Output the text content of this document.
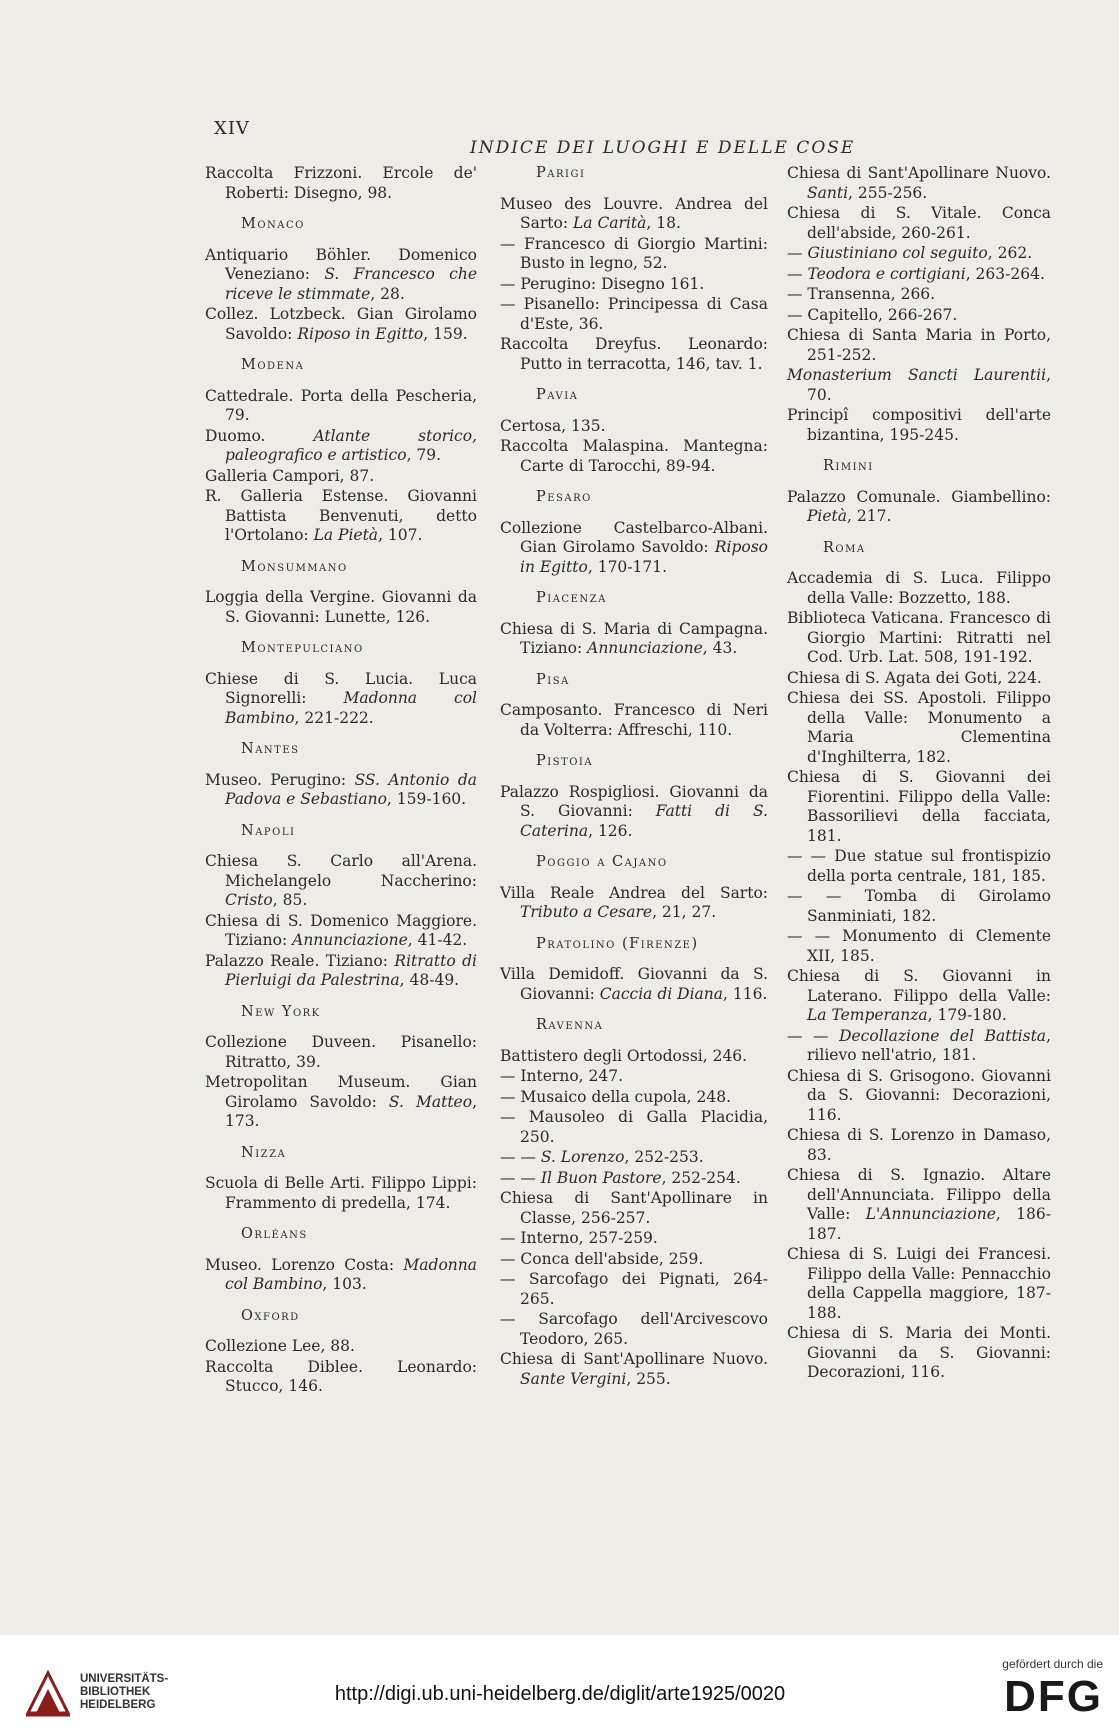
XIV
INDICE DEI LUOGHI E DELLE COSE
Raccolta Frizzoni. Ercole de' Roberti: Disegno, 98.
Monaco
Antiquario Böhler. Domenico Veneziano: S. Francesco che riceve le stimmate, 28.
Collez. Lotzbeck. Gian Girolamo Savoldo: Riposo in Egitto, 159.
Modena
Cattedrale. Porta della Pescheria, 79.
Duomo. Atlante storico, paleografico e artistico, 79.
Galleria Campori, 87.
R. Galleria Estense. Giovanni Battista Benvenuti, detto l'Ortolano: La Pietà, 107.
Monsummano
Loggia della Vergine. Giovanni da S. Giovanni: Lunette, 126.
Montepulciano
Chiese di S. Lucia. Luca Signorelli: Madonna col Bambino, 221-222.
Nantes
Museo. Perugino: SS. Antonio da Padova e Sebastiano, 159-160.
Napoli
Chiesa S. Carlo all'Arena. Michelangelo Naccherino: Cristo, 85.
Chiesa di S. Domenico Maggiore. Tiziano: Annunciazione, 41-42.
Palazzo Reale. Tiziano: Ritratto di Pierluigi da Palestrina, 48-49.
New York
Collezione Duveen. Pisanello: Ritratto, 39.
Metropolitan Museum. Gian Girolamo Savoldo: S. Matteo, 173.
Nizza
Scuola di Belle Arti. Filippo Lippi: Frammento di predella, 174.
Orléans
Museo. Lorenzo Costa: Madonna col Bambino, 103.
Oxford
Collezione Lee, 88.
Raccolta Diblee. Leonardo: Stucco, 146.
Parigi
Museo des Louvre. Andrea del Sarto: La Carità, 18.
— Francesco di Giorgio Martini: Busto in legno, 52.
— Perugino: Disegno 161.
— Pisanello: Principessa di Casa d'Este, 36.
Raccolta Dreyfus. Leonardo: Putto in terracotta, 146, tav. 1.
Pavia
Certosa, 135.
Raccolta Malaspina. Mantegna: Carte di Tarocchi, 89-94.
Pesaro
Collezione Castelbarco-Albani. Gian Girolamo Savoldo: Riposo in Egitto, 170-171.
Piacenza
Chiesa di S. Maria di Campagna. Tiziano: Annunciazione, 43.
Pisa
Camposanto. Francesco di Neri da Volterra: Affreschi, 110.
Pistoia
Palazzo Rospigliosi. Giovanni da S. Giovanni: Fatti di S. Caterina, 126.
Poggio a Cajano
Villa Reale Andrea del Sarto: Tributo a Cesare, 21, 27.
Pratolino (Firenze)
Villa Demidoff. Giovanni da S. Giovanni: Caccia di Diana, 116.
Ravenna
Battistero degli Ortodossi, 246.
— Interno, 247.
— Musaico della cupola, 248.
— Mausoleo di Galla Placidia, 250.
— — S. Lorenzo, 252-253.
— — Il Buon Pastore, 252-254.
Chiesa di Sant'Apollinare in Classe, 256-257.
— Interno, 257-259.
— Conca dell'abside, 259.
— Sarcofago dei Pignati, 264-265.
— Sarcofago dell'Arcivescovo Teodoro, 265.
Chiesa di Sant'Apollinare Nuovo. Sante Vergini, 255.
Chiesa di Sant'Apollinare Nuovo. Santi, 255-256.
Chiesa di S. Vitale. Conca dell'abside, 260-261.
— Giustiniano col seguito, 262.
— Teodora e cortigiani, 263-264.
— Transenna, 266.
— Capitello, 266-267.
Chiesa di Santa Maria in Porto, 251-252.
Monasterium Sancti Laurentii, 70.
Principî compositivi dell'arte bizantina, 195-245.
Rimini
Palazzo Comunale. Giambellino: Pietà, 217.
Roma
Accademia di S. Luca. Filippo della Valle: Bozzetto, 188.
Biblioteca Vaticana. Francesco di Giorgio Martini: Ritratti nel Cod. Urb. Lat. 508, 191-192.
Chiesa di S. Agata dei Goti, 224.
Chiesa dei SS. Apostoli. Filippo della Valle: Monumento a Maria Clementina d'Inghilterra, 182.
Chiesa di S. Giovanni dei Fiorentini. Filippo della Valle: Bassorilievi della facciata, 181.
— — Due statue sul frontispizio della porta centrale, 181, 185.
— — Tomba di Girolamo Sanminiati, 182.
— — Monumento di Clemente XII, 185.
Chiesa di S. Giovanni in Laterano. Filippo della Valle: La Temperanza, 179-180.
— — Decollazione del Battista, rilievo nell'atrio, 181.
Chiesa di S. Grisogono. Giovanni da S. Giovanni: Decorazioni, 116.
Chiesa di S. Lorenzo in Damaso, 83.
Chiesa di S. Ignazio. Altare dell'Annunciata. Filippo della Valle: L'Annunciazione, 186-187.
Chiesa di S. Luigi dei Francesi. Filippo della Valle: Pennacchio della Cappella maggiore, 187-188.
Chiesa di S. Maria dei Monti. Giovanni da S. Giovanni: Decorazioni, 116.
UNIVERSITÄTS-
BIBLIOTHEK
HEIDELBERG	http://digi.ub.uni-heidelberg.de/diglit/arte1925/0020
gefördert durch die
DFG
